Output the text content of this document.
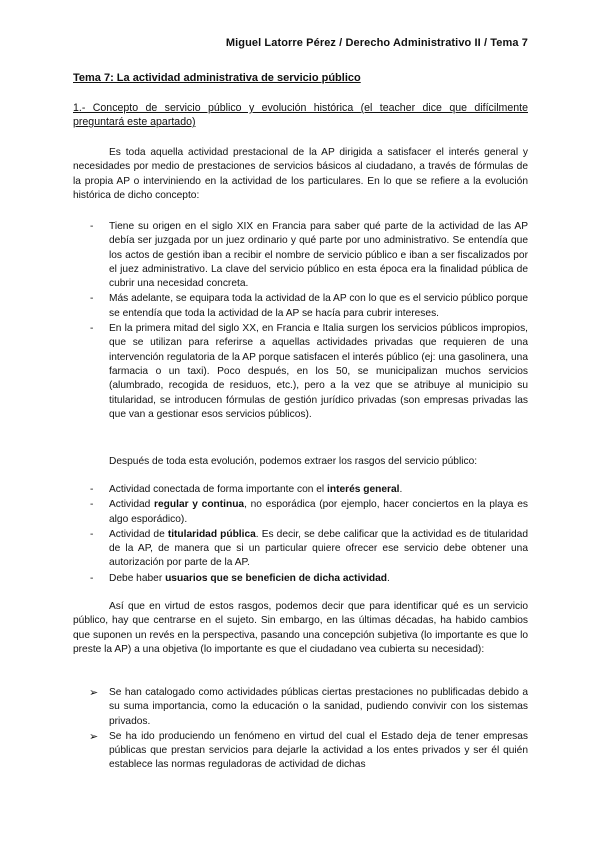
Miguel Latorre Pérez / Derecho Administrativo II / Tema 7
Tema 7: La actividad administrativa de servicio público
1.- Concepto de servicio público y evolución histórica (el teacher dice que difícilmente preguntará este apartado)

Es toda aquella actividad prestacional de la AP dirigida a satisfacer el interés general y necesidades por medio de prestaciones de servicios básicos al ciudadano, a través de fórmulas de la propia AP o interviniendo en la actividad de los particulares. En lo que se refiere a la evolución histórica de dicho concepto:

- Tiene su origen en el siglo XIX en Francia para saber qué parte de la actividad de las AP debía ser juzgada por un juez ordinario y qué parte por uno administrativo. Se entendía que los actos de gestión iban a recibir el nombre de servicio público e iban a ser fiscalizados por el juez administrativo. La clave del servicio público en esta época era la finalidad pública de cubrir una necesidad concreta.
- Más adelante, se equipara toda la actividad de la AP con lo que es el servicio público porque se entendía que toda la actividad de la AP se hacía para cubrir intereses.
- En la primera mitad del siglo XX, en Francia e Italia surgen los servicios públicos impropios, que se utilizan para referirse a aquellas actividades privadas que requieren de una intervención regulatoria de la AP porque satisfacen el interés público (ej: una gasolinera, una farmacia o un taxi). Poco después, en los 50, se municipalizan muchos servicios (alumbrado, recogida de residuos, etc.), pero a la vez que se atribuye al municipio su titularidad, se introducen fórmulas de gestión jurídico privadas (son empresas privadas las que van a gestionar esos servicios públicos).

Después de toda esta evolución, podemos extraer los rasgos del servicio público:

- Actividad conectada de forma importante con el interés general.
- Actividad regular y continua, no esporádica (por ejemplo, hacer conciertos en la playa es algo esporádico).
- Actividad de titularidad pública. Es decir, se debe calificar que la actividad es de titularidad de la AP, de manera que si un particular quiere ofrecer ese servicio debe obtener una autorización por parte de la AP.
- Debe haber usuarios que se beneficien de dicha actividad.

Así que en virtud de estos rasgos, podemos decir que para identificar qué es un servicio público, hay que centrarse en el sujeto. Sin embargo, en las últimas décadas, ha habido cambios que suponen un revés en la perspectiva, pasando una concepción subjetiva (lo importante es que lo preste la AP) a una objetiva (lo importante es que el ciudadano vea cubierta su necesidad):

➢ Se han catalogado como actividades públicas ciertas prestaciones no publificadas debido a su suma importancia, como la educación o la sanidad, pudiendo convivir con los sistemas privados.
➢ Se ha ido produciendo un fenómeno en virtud del cual el Estado deja de tener empresas públicas que prestan servicios para dejarle la actividad a los entes privados y ser él quién establece las normas reguladoras de actividad de dichas
